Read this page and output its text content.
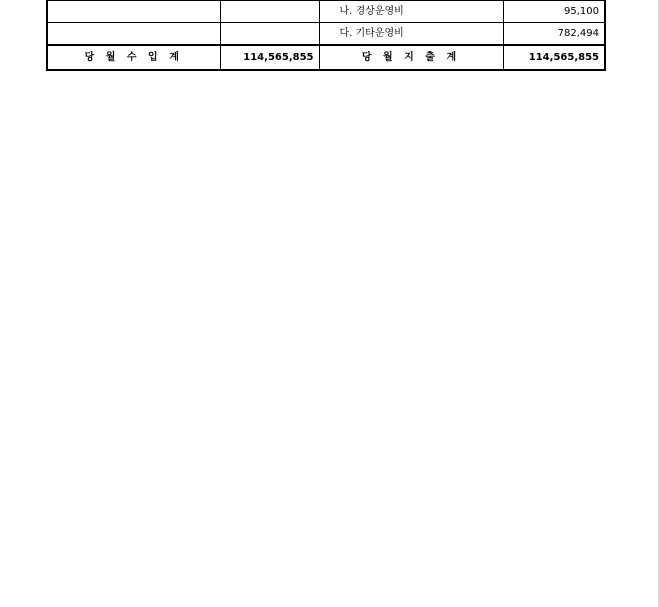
		나. 경상운영비	95,100
		다. 기타운영비	782,494
당 월 수 입 계	114,565,855	당 월 지 출 계	114,565,855
